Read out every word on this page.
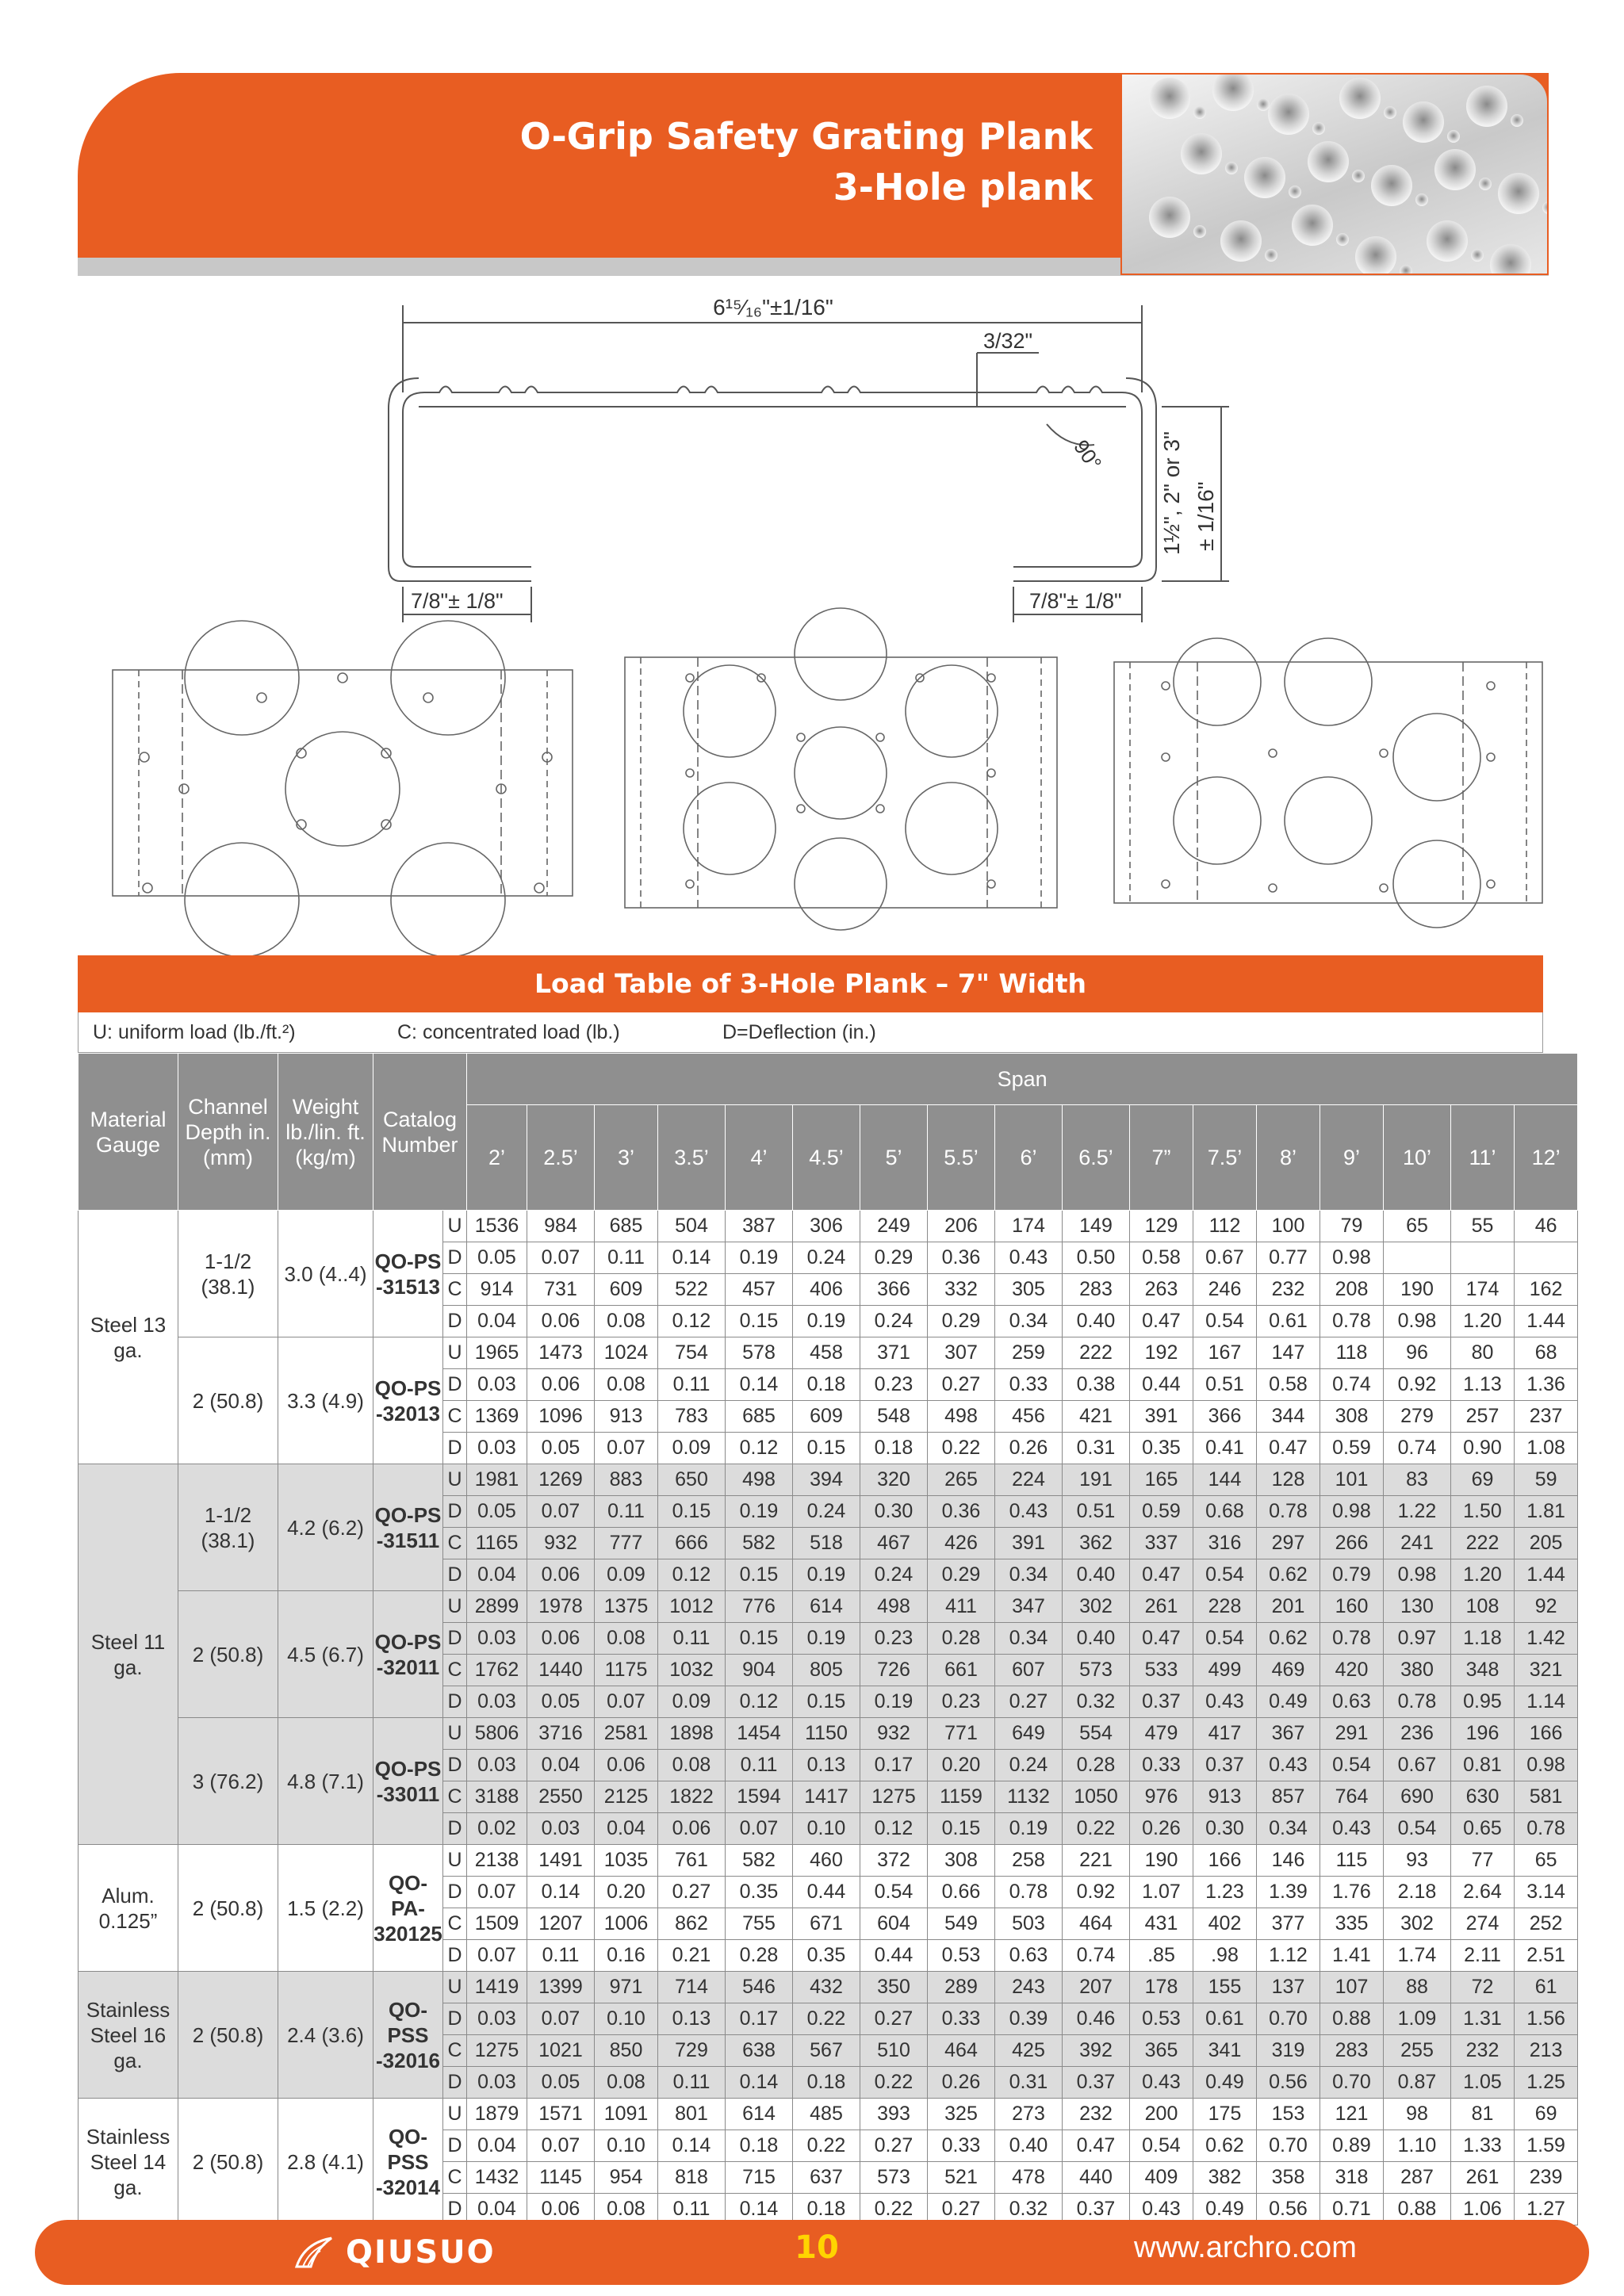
O-Grip Safety Grating Plank
3-Hole plank
6¹⁵⁄₁₆"±1/16"
3/32"
90° 1½", 2" or 3" ± 1/16"
7/8"± 1/8"	7/8"± 1/8"
Load Table of 3-Hole Plank – 7" Width
U: uniform load (lb./ft.²)	C: concentrated load (lb.)	D=Deflection (in.)
Material Gauge	Channel Depth in. (mm)	Weight lb./lin. ft. (kg/m)	Catalog Number		Span																
					2’	2.5’	3’	3.5’	4’	4.5’	5’	5.5’	6’	6.5’	7”	7.5’	8’	9’	10’	11’	12’
Steel 13 ga.	1-1/2 (38.1)	3.0 (4..4)	QO-PS -31513	U	1536	984	685	504	387	306	249	206	174	149	129	112	100	79	65	55	46
				D	0.05	0.07	0.11	0.14	0.19	0.24	0.29	0.36	0.43	0.50	0.58	0.67	0.77	0.98			
				C	914	731	609	522	457	406	366	332	305	283	263	246	232	208	190	174	162
				D	0.04	0.06	0.08	0.12	0.15	0.19	0.24	0.29	0.34	0.40	0.47	0.54	0.61	0.78	0.98	1.20	1.44
	2 (50.8)	3.3 (4.9)	QO-PS -32013	U	1965	1473	1024	754	578	458	371	307	259	222	192	167	147	118	96	80	68
				D	0.03	0.06	0.08	0.11	0.14	0.18	0.23	0.27	0.33	0.38	0.44	0.51	0.58	0.74	0.92	1.13	1.36
				C	1369	1096	913	783	685	609	548	498	456	421	391	366	344	308	279	257	237
				D	0.03	0.05	0.07	0.09	0.12	0.15	0.18	0.22	0.26	0.31	0.35	0.41	0.47	0.59	0.74	0.90	1.08
Steel 11 ga.	1-1/2 (38.1)	4.2 (6.2)	QO-PS -31511	U	1981	1269	883	650	498	394	320	265	224	191	165	144	128	101	83	69	59
				D	0.05	0.07	0.11	0.15	0.19	0.24	0.30	0.36	0.43	0.51	0.59	0.68	0.78	0.98	1.22	1.50	1.81
				C	1165	932	777	666	582	518	467	426	391	362	337	316	297	266	241	222	205
				D	0.04	0.06	0.09	0.12	0.15	0.19	0.24	0.29	0.34	0.40	0.47	0.54	0.62	0.79	0.98	1.20	1.44
	2 (50.8)	4.5 (6.7)	QO-PS -32011	U	2899	1978	1375	1012	776	614	498	411	347	302	261	228	201	160	130	108	92
				D	0.03	0.06	0.08	0.11	0.15	0.19	0.23	0.28	0.34	0.40	0.47	0.54	0.62	0.78	0.97	1.18	1.42
				C	1762	1440	1175	1032	904	805	726	661	607	573	533	499	469	420	380	348	321
				D	0.03	0.05	0.07	0.09	0.12	0.15	0.19	0.23	0.27	0.32	0.37	0.43	0.49	0.63	0.78	0.95	1.14
	3 (76.2)	4.8 (7.1)	QO-PS -33011	U	5806	3716	2581	1898	1454	1150	932	771	649	554	479	417	367	291	236	196	166
				D	0.03	0.04	0.06	0.08	0.11	0.13	0.17	0.20	0.24	0.28	0.33	0.37	0.43	0.54	0.67	0.81	0.98
				C	3188	2550	2125	1822	1594	1417	1275	1159	1132	1050	976	913	857	764	690	630	581
				D	0.02	0.03	0.04	0.06	0.07	0.10	0.12	0.15	0.19	0.22	0.26	0.30	0.34	0.43	0.54	0.65	0.78
Alum. 0.125”	2 (50.8)	1.5 (2.2)	QO-PA- 320125	U	2138	1491	1035	761	582	460	372	308	258	221	190	166	146	115	93	77	65
				D	0.07	0.14	0.20	0.27	0.35	0.44	0.54	0.66	0.78	0.92	1.07	1.23	1.39	1.76	2.18	2.64	3.14
				C	1509	1207	1006	862	755	671	604	549	503	464	431	402	377	335	302	274	252
				D	0.07	0.11	0.16	0.21	0.28	0.35	0.44	0.53	0.63	0.74	.85	.98	1.12	1.41	1.74	2.11	2.51
Stainless Steel 16 ga.	2 (50.8)	2.4 (3.6)	QO- PSS -32016	U	1419	1399	971	714	546	432	350	289	243	207	178	155	137	107	88	72	61
				D	0.03	0.07	0.10	0.13	0.17	0.22	0.27	0.33	0.39	0.46	0.53	0.61	0.70	0.88	1.09	1.31	1.56
				C	1275	1021	850	729	638	567	510	464	425	392	365	341	319	283	255	232	213
				D	0.03	0.05	0.08	0.11	0.14	0.18	0.22	0.26	0.31	0.37	0.43	0.49	0.56	0.70	0.87	1.05	1.25
Stainless Steel 14 ga.	2 (50.8)	2.8 (4.1)	QO- PSS -32014	U	1879	1571	1091	801	614	485	393	325	273	232	200	175	153	121	98	81	69
				D	0.04	0.07	0.10	0.14	0.18	0.22	0.27	0.33	0.40	0.47	0.54	0.62	0.70	0.89	1.10	1.33	1.59
				C	1432	1145	954	818	715	637	573	521	478	440	409	382	358	318	287	261	239
				D	0.04	0.06	0.08	0.11	0.14	0.18	0.22	0.27	0.32	0.37	0.43	0.49	0.56	0.71	0.88	1.06	1.27
QIUSUO	10	www.archro.com
